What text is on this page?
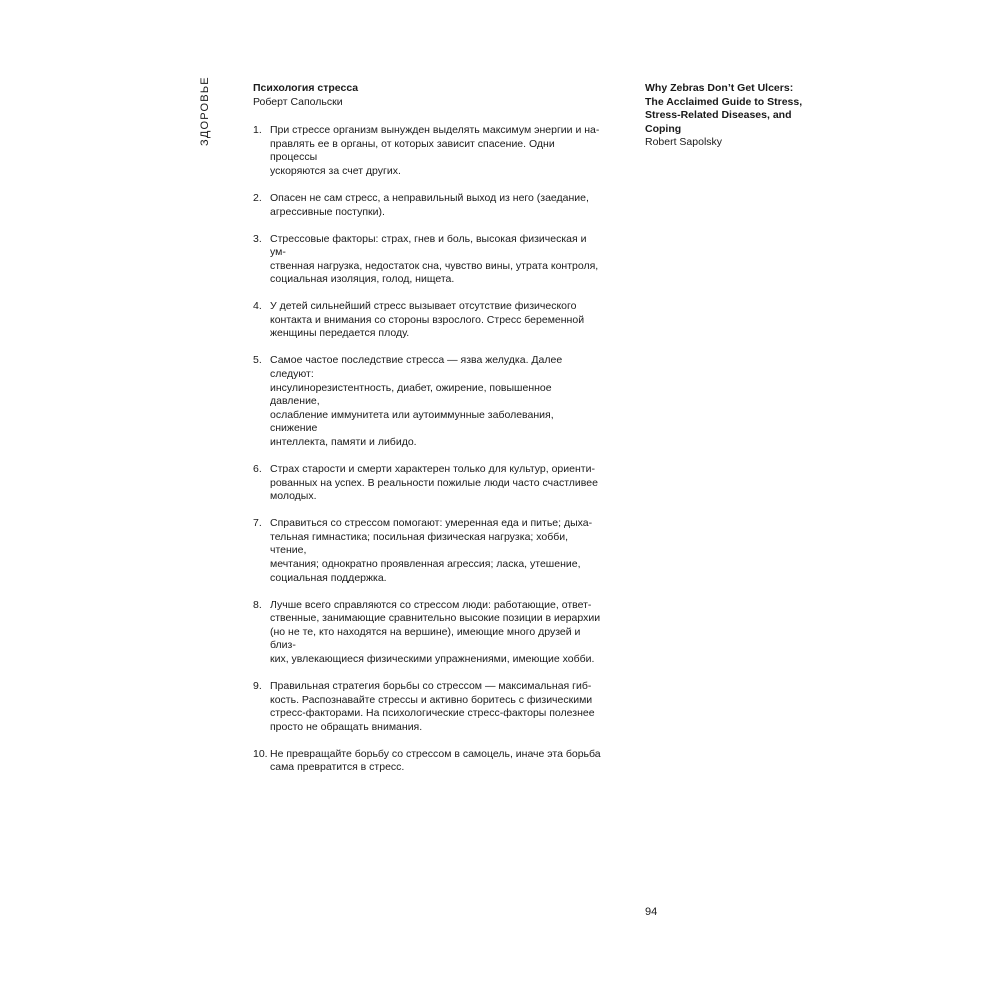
ЗДОРОВЬЕ	Психология стресса
Роберт Сапольски
1. При стрессе организм вынужден выделять максимум энергии и на-
правлять ее в органы, от которых зависит спасение. Одни процессы
ускоряются за счет других.
2. Опасен не сам стресс, а неправильный выход из него (заедание,
агрессивные поступки).
3. Стрессовые факторы: страх, гнев и боль, высокая физическая и ум-
ственная нагрузка, недостаток сна, чувство вины, утрата контроля,
социальная изоляция, голод, нищета.
4. У детей сильнейший стресс вызывает отсутствие физического
контакта и внимания со стороны взрослого. Стресс беременной
женщины передается плоду.
5. Самое частое последствие стресса — язва желудка. Далее следуют:
инсулинорезистентность, диабет, ожирение, повышенное давление,
ослабление иммунитета или аутоиммунные заболевания, снижение
интеллекта, памяти и либидо.
6. Страх старости и смерти характерен только для культур, ориенти-
рованных на успех. В реальности пожилые люди часто счастливее
молодых.
7. Справиться со стрессом помогают: умеренная еда и питье; дыха-
тельная гимнастика; посильная физическая нагрузка; хобби, чтение,
мечтания; однократно проявленная агрессия; ласка, утешение,
социальная поддержка.
8. Лучше всего справляются со стрессом люди: работающие, ответ-
ственные, занимающие сравнительно высокие позиции в иерархии
(но не те, кто находятся на вершине), имеющие много друзей и близ-
ких, увлекающиеся физическими упражнениями, имеющие хобби.
9. Правильная стратегия борьбы со стрессом — максимальная гиб-
кость. Распознавайте стрессы и активно боритесь с физическими
стресс-факторами. На психологические стресс-факторы полезнее
просто не обращать внимания.
10. Не превращайте борьбу со стрессом в самоцель, иначе эта борьба
сама превратится в стресс.
Why Zebras Don’t Get Ulcers:
The Acclaimed Guide to Stress,
Stress-Related Diseases, and
Coping
Robert Sapolsky
94
